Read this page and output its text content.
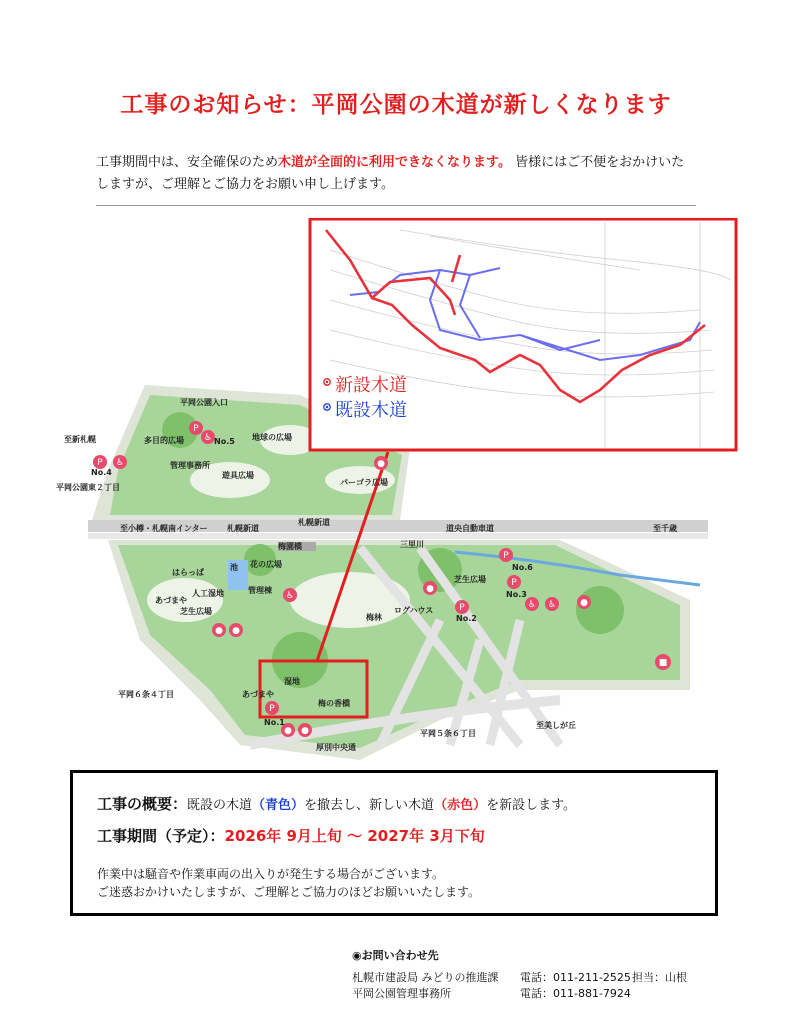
工事のお知らせ：平岡公園の木道が新しくなります
工事期間中は、安全確保のため木道が全面的に利用できなくなります。 皆様にはご不便をおかけいたしますが、ご理解とご協力をお願い申し上げます。
P
P
P
P
P
P
♿
♿
♿
♿ ♿
●
●
●
● ●
● ●
■
平岡公園入口
至新札幌
No.4
平岡公園東２丁目
多目的広場	No.5
管理事務所
地球の広場
遊具広場
パーゴラ広場
至小樽・札幌南インター 札幌新道
札幌新道
道央自動車道	至千歳
三里川
梅園橋
池
はらっぱ
花の広場
管理棟
人工湿地
あづまや
芝生広場
No.6
芝生広場
No.3
梅林
ログハウス
No.2
湿地
あづまや
梅の香橋
No.1
平岡６条４丁目
平岡５条６丁目
厚別中央通
至美しが丘
新設木道
既設木道
工事の概要：既設の木道（青色）を撤去し、新しい木道（赤色）を新設します。
工事期間（予定）：2026年 9月上旬 〜 2027年 3月下旬
作業中は騒音や作業車両の出入りが発生する場合がございます。
ご迷惑おかけいたしますが、ご理解とご協力のほどお願いいたします。
◉お問い合わせ先
札幌市建設局 みどりの推進課	電話：011-211-2525 担当：山根
平岡公園管理事務所	電話：011-881-7924
